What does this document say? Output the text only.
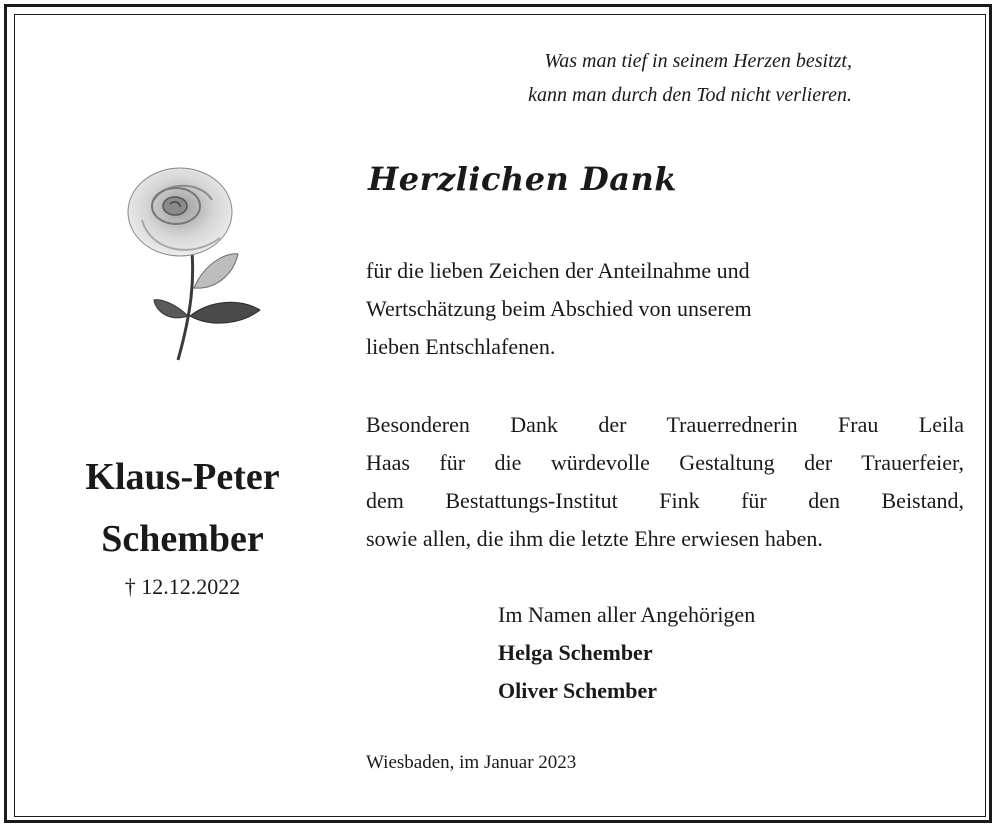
Was man tief in seinem Herzen besitzt,
kann man durch den Tod nicht verlieren.
Herzlichen Dank
für die lieben Zeichen der Anteilnahme und
Wertschätzung beim Abschied von unserem
lieben Entschlafenen.
Besonderen Dank der Trauerrednerin Frau Leila
Haas für die würdevolle Gestaltung der Trauerfeier,
dem Bestattungs-Institut Fink für den Beistand,
sowie allen, die ihm die letzte Ehre erwiesen haben.
Im Namen aller Angehörigen
Helga Schember
Oliver Schember
Wiesbaden, im Januar 2023
Klaus-Peter
Schember
† 12.12.2022
